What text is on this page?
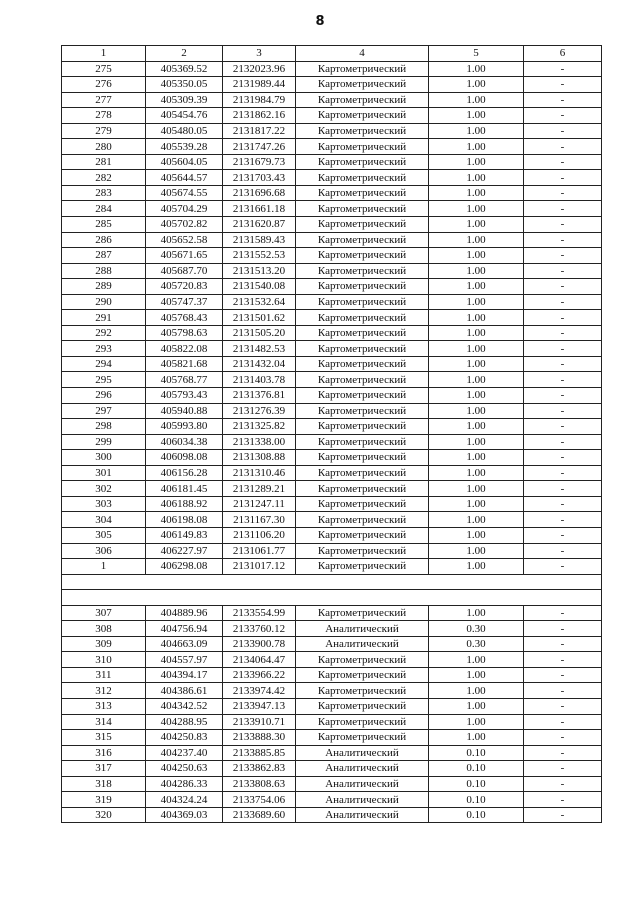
8
1	2	3	4	5	6
275	405369.52	2132023.96	Картометрический	1.00	-
276	405350.05	2131989.44	Картометрический	1.00	-
277	405309.39	2131984.79	Картометрический	1.00	-
278	405454.76	2131862.16	Картометрический	1.00	-
279	405480.05	2131817.22	Картометрический	1.00	-
280	405539.28	2131747.26	Картометрический	1.00	-
281	405604.05	2131679.73	Картометрический	1.00	-
282	405644.57	2131703.43	Картометрический	1.00	-
283	405674.55	2131696.68	Картометрический	1.00	-
284	405704.29	2131661.18	Картометрический	1.00	-
285	405702.82	2131620.87	Картометрический	1.00	-
286	405652.58	2131589.43	Картометрический	1.00	-
287	405671.65	2131552.53	Картометрический	1.00	-
288	405687.70	2131513.20	Картометрический	1.00	-
289	405720.83	2131540.08	Картометрический	1.00	-
290	405747.37	2131532.64	Картометрический	1.00	-
291	405768.43	2131501.62	Картометрический	1.00	-
292	405798.63	2131505.20	Картометрический	1.00	-
293	405822.08	2131482.53	Картометрический	1.00	-
294	405821.68	2131432.04	Картометрический	1.00	-
295	405768.77	2131403.78	Картометрический	1.00	-
296	405793.43	2131376.81	Картометрический	1.00	-
297	405940.88	2131276.39	Картометрический	1.00	-
298	405993.80	2131325.82	Картометрический	1.00	-
299	406034.38	2131338.00	Картометрический	1.00	-
300	406098.08	2131308.88	Картометрический	1.00	-
301	406156.28	2131310.46	Картометрический	1.00	-
302	406181.45	2131289.21	Картометрический	1.00	-
303	406188.92	2131247.11	Картометрический	1.00	-
304	406198.08	2131167.30	Картометрический	1.00	-
305	406149.83	2131106.20	Картометрический	1.00	-
306	406227.97	2131061.77	Картометрический	1.00	-
1	406298.08	2131017.12	Картометрический	1.00	-

307	404889.96	2133554.99	Картометрический	1.00	-
308	404756.94	2133760.12	Аналитический	0.30	-
309	404663.09	2133900.78	Аналитический	0.30	-
310	404557.97	2134064.47	Картометрический	1.00	-
311	404394.17	2133966.22	Картометрический	1.00	-
312	404386.61	2133974.42	Картометрический	1.00	-
313	404342.52	2133947.13	Картометрический	1.00	-
314	404288.95	2133910.71	Картометрический	1.00	-
315	404250.83	2133888.30	Картометрический	1.00	-
316	404237.40	2133885.85	Аналитический	0.10	-
317	404250.63	2133862.83	Аналитический	0.10	-
318	404286.33	2133808.63	Аналитический	0.10	-
319	404324.24	2133754.06	Аналитический	0.10	-
320	404369.03	2133689.60	Аналитический	0.10	-
